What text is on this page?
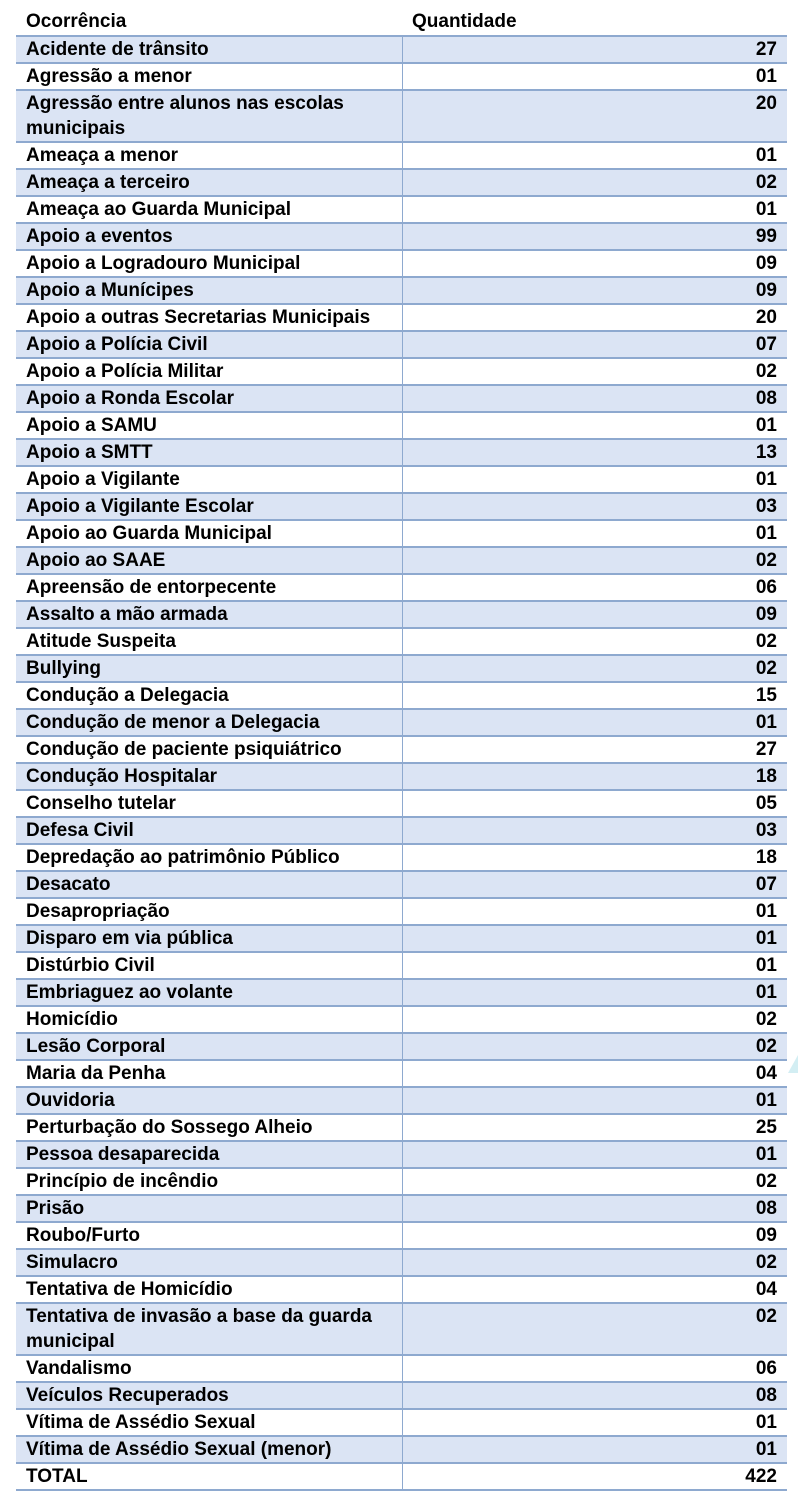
Ocorrência	Quantidade
Acidente de trânsito	27
Agressão a menor	01
Agressão entre alunos nas escolas municipais	20
Ameaça a menor	01
Ameaça a terceiro	02
Ameaça ao Guarda Municipal	01
Apoio a eventos	99
Apoio a Logradouro Municipal	09
Apoio a Munícipes	09
Apoio a outras Secretarias Municipais	20
Apoio a Polícia Civil	07
Apoio a Polícia Militar	02
Apoio a Ronda Escolar	08
Apoio a SAMU	01
Apoio a SMTT	13
Apoio a Vigilante	01
Apoio a Vigilante Escolar	03
Apoio ao Guarda Municipal	01
Apoio ao SAAE	02
Apreensão de entorpecente	06
Assalto a mão armada	09
Atitude Suspeita	02
Bullying	02
Condução a Delegacia	15
Condução de menor a Delegacia	01
Condução de paciente psiquiátrico	27
Condução Hospitalar	18
Conselho tutelar	05
Defesa Civil	03
Depredação ao patrimônio Público	18
Desacato	07
Desapropriação	01
Disparo em via pública	01
Distúrbio Civil	01
Embriaguez ao volante	01
Homicídio	02
Lesão Corporal	02
Maria da Penha	04
Ouvidoria	01
Perturbação do Sossego Alheio	25
Pessoa desaparecida	01
Princípio de incêndio	02
Prisão	08
Roubo/Furto	09
Simulacro	02
Tentativa de Homicídio	04
Tentativa de invasão a base da guarda municipal	02
Vandalismo	06
Veículos Recuperados	08
Vítima de Assédio Sexual	01
Vítima de Assédio Sexual (menor)	01
TOTAL	422
